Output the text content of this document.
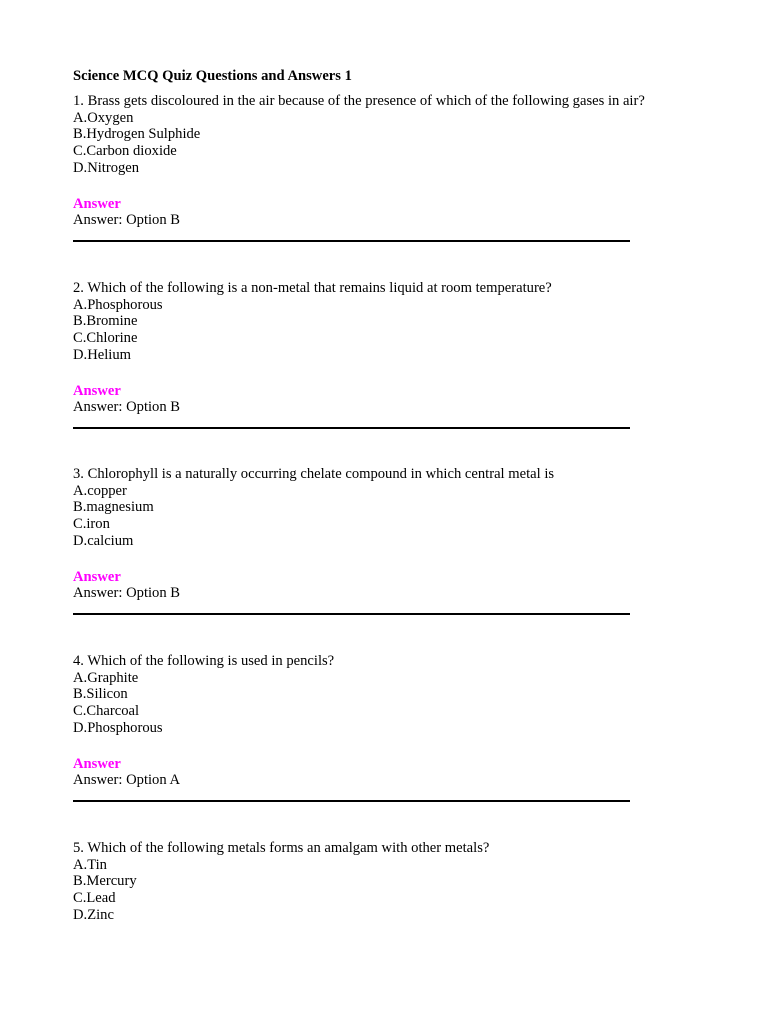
Science MCQ Quiz Questions and Answers 1
1. Brass gets discoloured in the air because of the presence of which of the following gases in air?
A.Oxygen
B.Hydrogen Sulphide
C.Carbon dioxide
D.Nitrogen
Answer
Answer: Option B
2. Which of the following is a non-metal that remains liquid at room temperature?
A.Phosphorous
B.Bromine
C.Chlorine
D.Helium
Answer
Answer: Option B
3. Chlorophyll is a naturally occurring chelate compound in which central metal is
A.copper
B.magnesium
C.iron
D.calcium
Answer
Answer: Option B
4. Which of the following is used in pencils?
A.Graphite
B.Silicon
C.Charcoal
D.Phosphorous
Answer
Answer: Option A
5. Which of the following metals forms an amalgam with other metals?
A.Tin
B.Mercury
C.Lead
D.Zinc
